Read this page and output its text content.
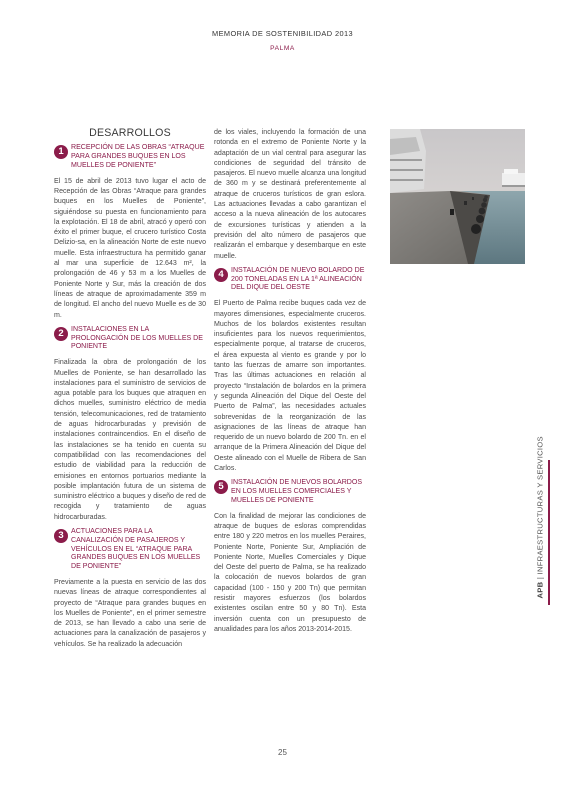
MEMORIA DE SOSTENIBILIDAD 2013
PALMA
DESARROLLOS
1	RECEPCIÓN DE LAS OBRAS “ATRAQUE PARA GRANDES BUQUES EN LOS MUELLES DE PONIENTE”

El 15 de abril de 2013 tuvo lugar el acto de Recepción de las Obras “Atraque para grandes buques en los Muelles de Poniente”, siguiéndose su puesta en funcionamiento para la explotación. El 18 de abril, atracó y operó con éxito el primer buque, el crucero turístico Costa Delizio-sa, en la alineación Norte de este nuevo muelle. Esta infraestructura ha permitido ganar al mar una superficie de 12.643 m², la prolongación de 46 y 53 m a los Muelles de Poniente Norte y Sur, más la creación de dos líneas de atraque de aproximadamente 359 m de longitud. El ancho del nuevo Muelle es de 30 m.

2	INSTALACIONES EN LA PROLONGACIÓN DE LOS MUELLES DE PONIENTE

Finalizada la obra de prolongación de los Muelles de Poniente, se han desarrollado las instalaciones para el suministro de servicios de agua potable para los buques que atraquen en dichos muelles, suministro eléctrico de media tensión, telecomunicaciones, red de tratamiento de aguas hidrocarburadas y previsión de instalaciones contraincendios. En el diseño de las instalaciones se ha tenido en cuenta su compatibilidad con las recomendaciones del estudio de viabilidad para la reducción de emisiones en entornos portuarios mediante la posible implantación futura de un sistema de suministro eléctrico a buques y diseño de red de recogida y tratamiento de aguas hidrocarburadas.

3	ACTUACIONES PARA LA CANALIZACIÓN DE PASAJEROS Y VEHÍCULOS EN EL “ATRAQUE PARA GRANDES BUQUES EN LOS MUELLES DE PONIENTE”

Previamente a la puesta en servicio de las dos nuevas líneas de atraque correspondientes al proyecto de “Atraque para grandes buques en los Muelles de Poniente”, en el primer semestre de 2013, se han llevado a cabo una serie de actuaciones para la canalización de pasajeros y vehículos. Se ha realizado la adecuación

de los viales, incluyendo la formación de una rotonda en el extremo de Poniente Norte y la adaptación de un vial central para asegurar las condiciones de seguridad del tránsito de pasajeros. El nuevo muelle alcanza una longitud de 360 m y se destinará preferentemente al atraque de cruceros turísticos de gran eslora. Las actuaciones llevadas a cabo garantizan el acceso a la nueva alineación de los autocares de excursiones turísticas y atienden a la previsión del alto número de pasajeros que realizarán el embarque y desembarque en este muelle.

4	INSTALACIÓN DE NUEVO BOLARDO DE 200 TONELADAS EN LA 1ª ALINEACIÓN DEL DIQUE DEL OESTE

El Puerto de Palma recibe buques cada vez de mayores dimensiones, especialmente cruceros. Muchos de los bolardos existentes resultan insuficientes para los nuevos requerimientos, especialmente porque, al tratarse de cruceros, el área expuesta al viento es grande y por lo tanto las fuerzas de amarre son importantes. Tras las últimas actuaciones en relación al proyecto “Instalación de bolardos en la primera y segunda Alineación del Dique del Oeste del Puerto de Palma”, las necesidades actuales sobrevenidas de la reorganización de las asignaciones de las líneas de atraque han requerido de un nuevo bolardo de 200 Tn. en el arranque de la Primera Alineación del Dique del Oeste alineado con el Muelle de Ribera de San Carlos.

5	INSTALACIÓN DE NUEVOS BOLARDOS EN LOS MUELLES COMERCIALES Y MUELLES DE PONIENTE

Con la finalidad de mejorar las condiciones de atraque de buques de esloras comprendidas entre 180 y 220 metros en los muelles Peraires, Poniente Norte, Poniente Sur, Ampliación de Poniente Norte, Muelles Comerciales y Dique del Oeste del puerto de Palma, se ha realizado la colocación de nuevos bolardos de gran capacidad (100 - 150 y 200 Tn) que permitan resistir mayores esfuerzos (los bolardos existentes oscilan entre 50 y 80 Tn). Esta inversión cuenta con un presupuesto de anualidades para los años 2013-2014-2015.

APB | INFRAESTRUCTURAS Y SERVICIOS
25
